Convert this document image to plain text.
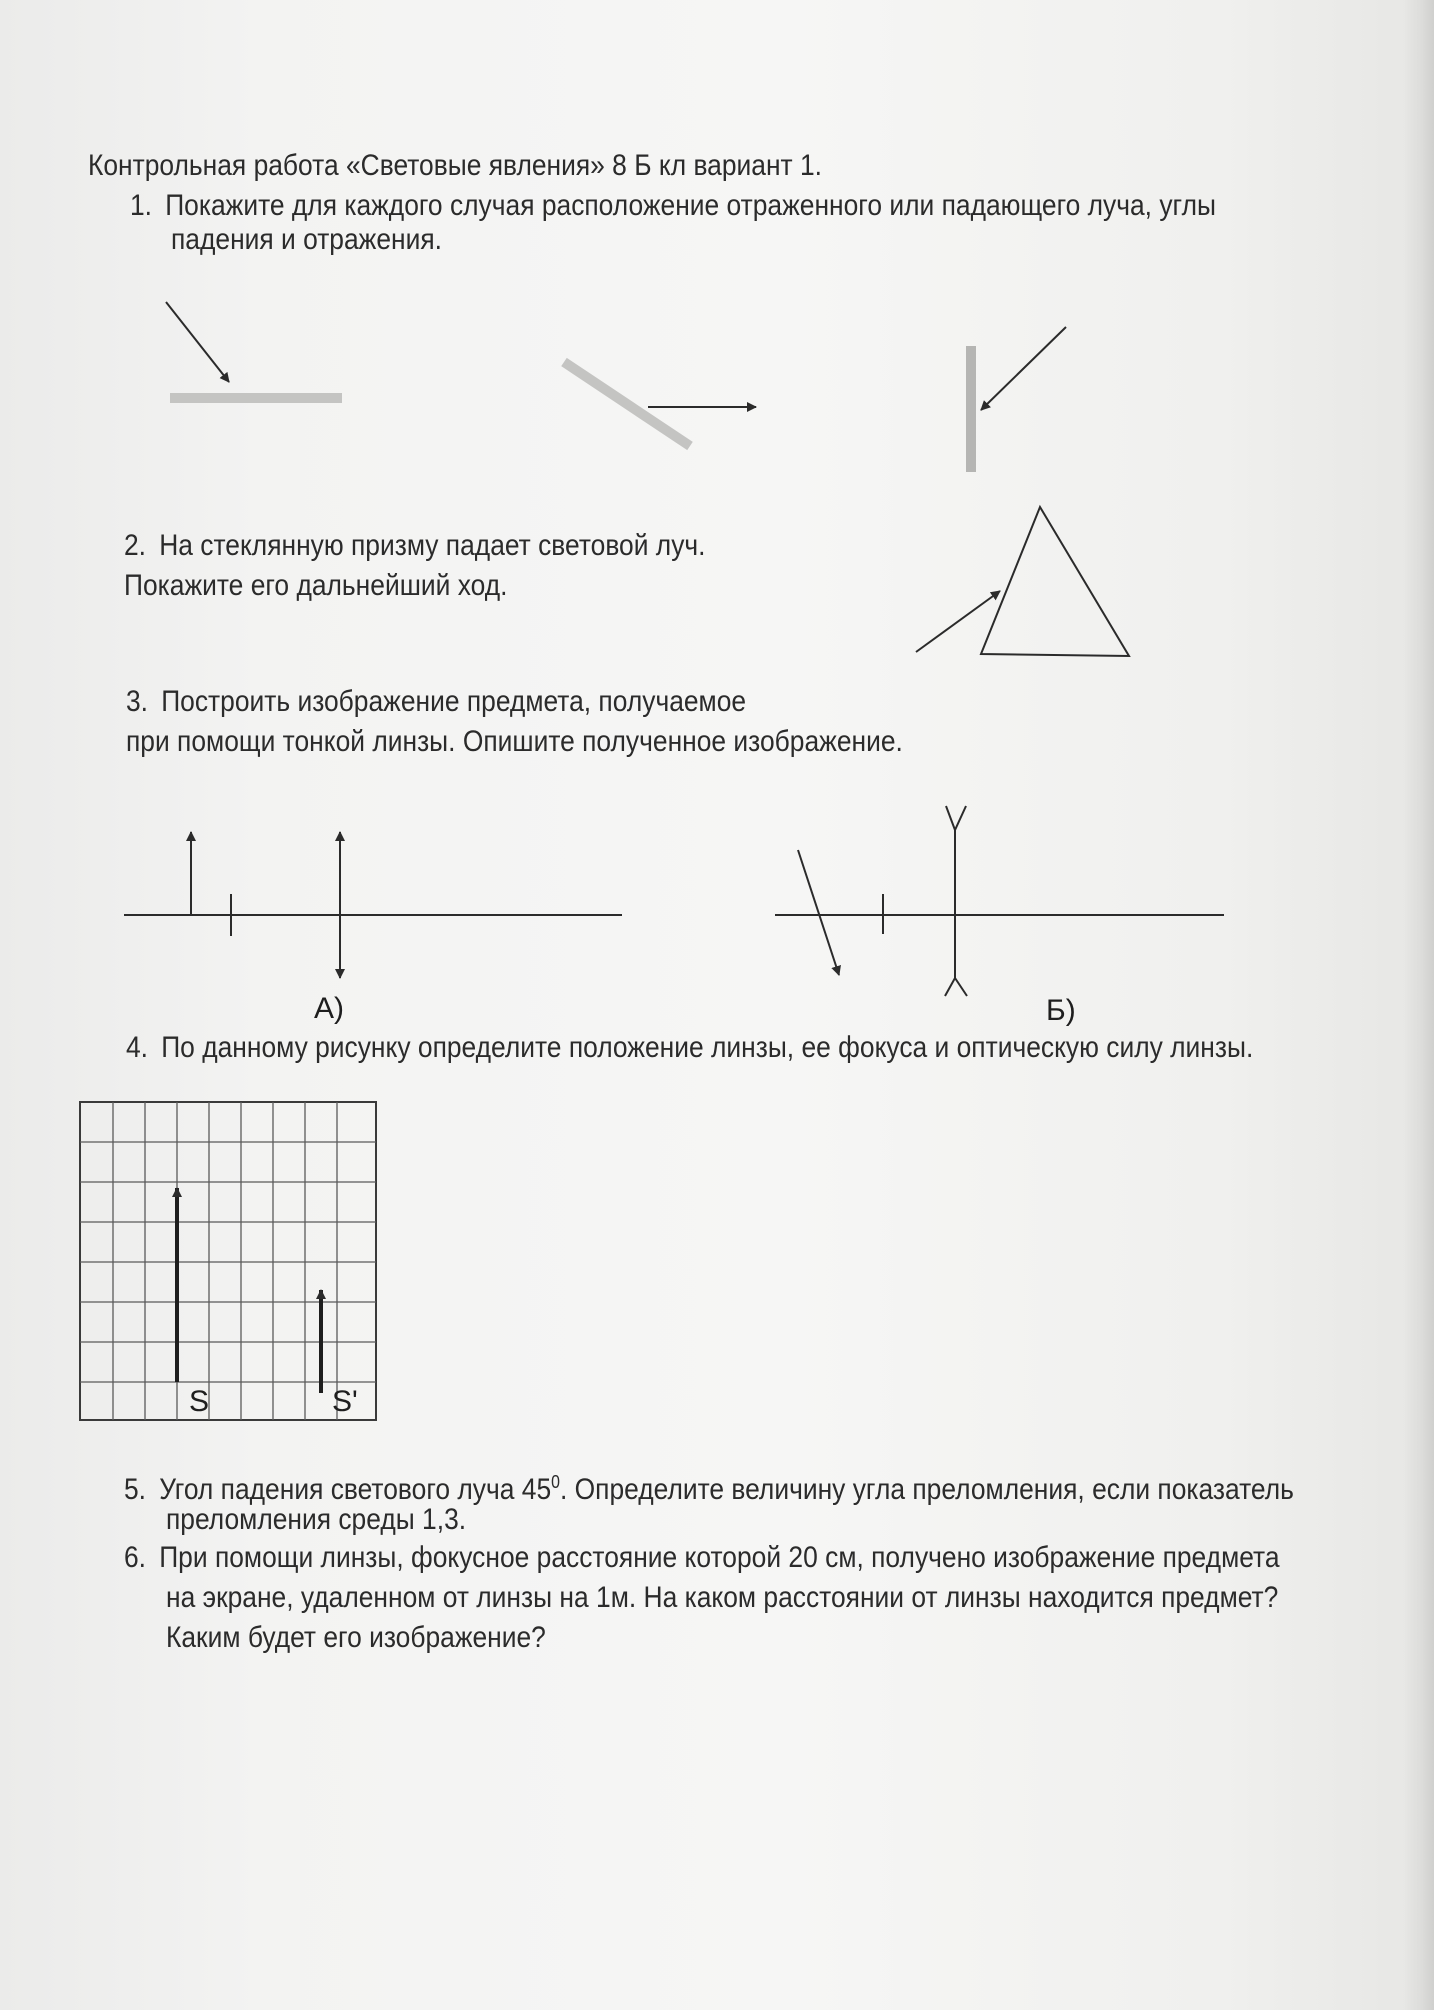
Контрольная работа «Световые явления» 8 Б кл вариант 1.
1. Покажите для каждого случая расположение отраженного или падающего луча, углы
падения и отражения.
2. На стеклянную призму падает световой луч.
Покажите его дальнейший ход.
3. Построить изображение предмета, получаемое
при помощи тонкой линзы. Опишите полученное изображение.
А)	Б)
4. По данному рисунку определите положение линзы, ее фокуса и оптическую силу линзы.
5. Угол падения светового луча $45^0$. Определите величину угла преломления, если показатель
преломления среды 1,3.
6. При помощи линзы, фокусное расстояние которой 20 см, получено изображение предмета
на экране, удаленном от линзы на 1м. На каком расстоянии от линзы находится предмет?
Каким будет его изображение?
S	S'
